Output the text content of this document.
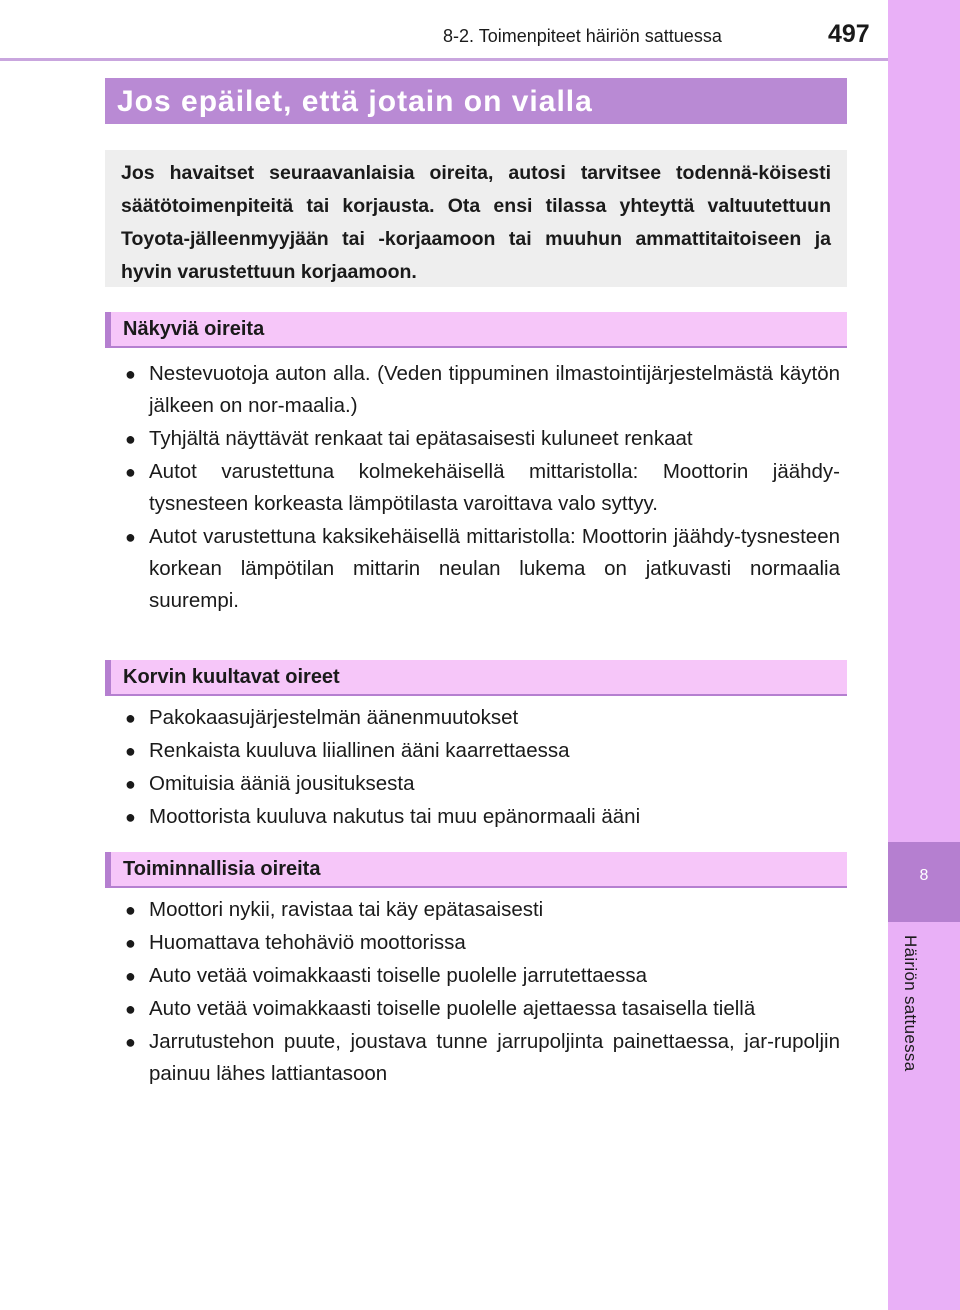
8-2. Toimenpiteet häiriön sattuessa	497
8
Häiriön sattuessa
Jos epäilet, että jotain on vialla
Jos havaitset seuraavanlaisia oireita, autosi tarvitsee todennä-köisesti säätötoimenpiteitä tai korjausta. Ota ensi tilassa yhteyttä valtuutettuun Toyota-jälleenmyyjään tai -korjaamoon tai muuhun ammattitaitoiseen ja hyvin varustettuun korjaamoon.
Näkyviä oireita
● Nestevuotoja auton alla. (Veden tippuminen ilmastointijärjestelmästä käytön jälkeen on nor-maalia.)
● Tyhjältä näyttävät renkaat tai epätasaisesti kuluneet renkaat
● Autot varustettuna kolmekehäisellä mittaristolla: Moottorin jäähdy-tysnesteen korkeasta lämpötilasta varoittava valo syttyy.
● Autot varustettuna kaksikehäisellä mittaristolla: Moottorin jäähdy-tysnesteen korkean lämpötilan mittarin neulan lukema on jatkuvasti normaalia suurempi.
Korvin kuultavat oireet
● Pakokaasujärjestelmän äänenmuutokset
● Renkaista kuuluva liiallinen ääni kaarrettaessa
● Omituisia ääniä jousituksesta
● Moottorista kuuluva nakutus tai muu epänormaali ääni
Toiminnallisia oireita
● Moottori nykii, ravistaa tai käy epätasaisesti
● Huomattava tehohäviö moottorissa
● Auto vetää voimakkaasti toiselle puolelle jarrutettaessa
● Auto vetää voimakkaasti toiselle puolelle ajettaessa tasaisella tiellä
● Jarrutustehon puute, joustava tunne jarrupoljinta painettaessa, jar-rupoljin painuu lähes lattiantasoon
